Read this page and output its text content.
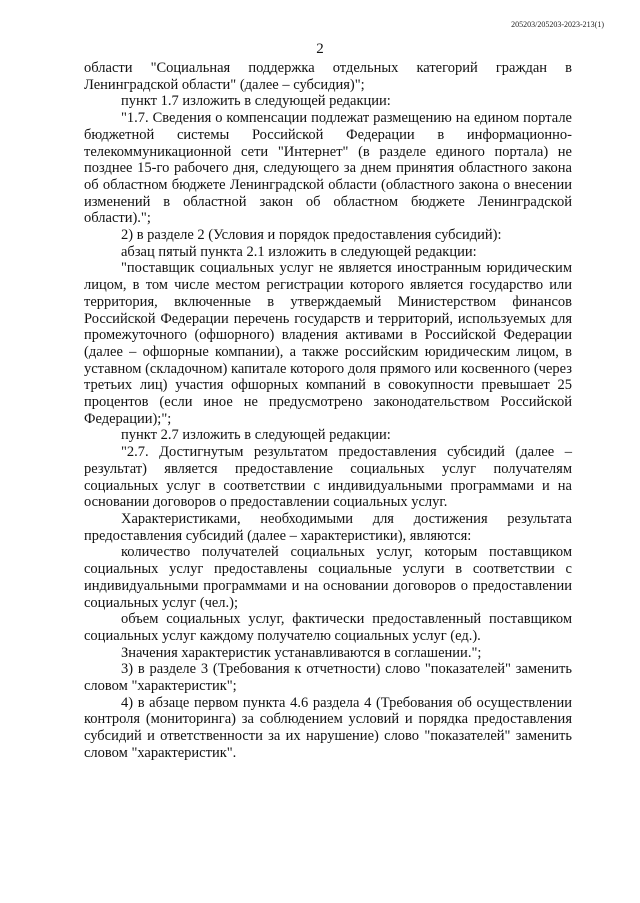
205203/205203-2023-213(1)
2

области "Социальная поддержка отдельных категорий граждан в Ленинградской области" (далее – субсидия)";

пункт 1.7 изложить в следующей редакции:

"1.7. Сведения о компенсации подлежат размещению на едином портале бюджетной системы Российской Федерации в информационно-телекоммуникационной сети "Интернет" (в разделе единого портала) не позднее 15-го рабочего дня, следующего за днем принятия областного закона об областном бюджете Ленинградской области (областного закона о внесении изменений в областной закон об областном бюджете Ленинградской области).";

2) в разделе 2 (Условия и порядок предоставления субсидий):

абзац пятый пункта 2.1 изложить в следующей редакции:

"поставщик социальных услуг не является иностранным юридическим лицом, в том числе местом регистрации которого является государство или территория, включенные в утверждаемый Министерством финансов Российской Федерации перечень государств и территорий, используемых для промежуточного (офшорного) владения активами в Российской Федерации (далее – офшорные компании), а также российским юридическим лицом, в уставном (складочном) капитале которого доля прямого или косвенного (через третьих лиц) участия офшорных компаний в совокупности превышает 25 процентов (если иное не предусмотрено законодательством Российской Федерации);";

пункт 2.7 изложить в следующей редакции:

"2.7. Достигнутым результатом предоставления субсидий (далее – результат) является предоставление социальных услуг получателям социальных услуг в соответствии с индивидуальными программами и на основании договоров о предоставлении социальных услуг.

Характеристиками, необходимыми для достижения результата предоставления субсидий (далее – характеристики), являются:

количество получателей социальных услуг, которым поставщиком социальных услуг предоставлены социальные услуги в соответствии с индивидуальными программами и на основании договоров о предоставлении социальных услуг (чел.);

объем социальных услуг, фактически предоставленный поставщиком социальных услуг каждому получателю социальных услуг (ед.).

Значения характеристик устанавливаются в соглашении.";

3) в разделе 3 (Требования к отчетности) слово "показателей" заменить словом "характеристик";

4) в абзаце первом пункта 4.6 раздела 4 (Требования об осуществлении контроля (мониторинга) за соблюдением условий и порядка предоставления субсидий и ответственности за их нарушение) слово "показателей" заменить словом "характеристик".
